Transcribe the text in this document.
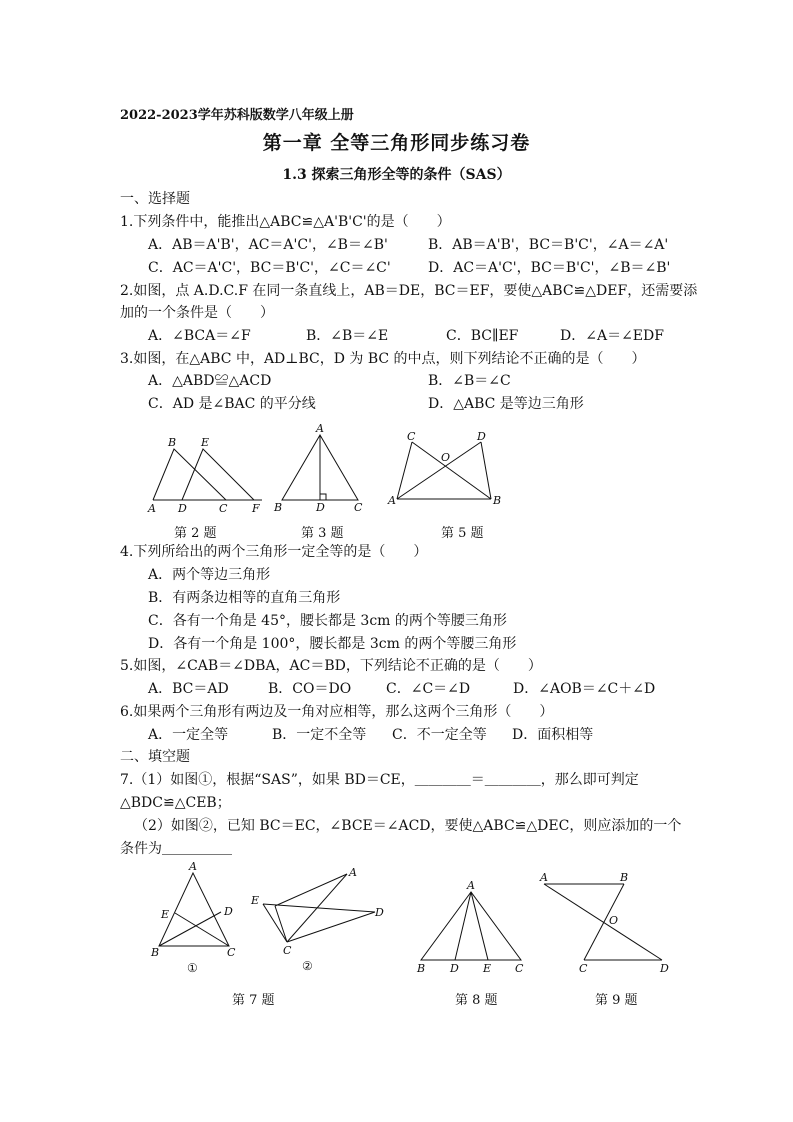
2022-2023学年苏科版数学八年级上册
第一章 全等三角形同步练习卷
1.3 探索三角形全等的条件（SAS）
一、选择题
1.下列条件中，能推出△ABC≌△A'B'C'的是（　　）
A．AB＝A'B'，AC＝A'C'，∠B＝∠B'	B．AB＝A'B'，BC＝B'C'，∠A＝∠A'
C．AC＝A'C'，BC＝B'C'，∠C＝∠C'	D．AC＝A'C'，BC＝B'C'，∠B＝∠B'
2.如图，点 A.D.C.F 在同一条直线上，AB＝DE，BC＝EF，要使△ABC≌△DEF，还需要添
加的一个条件是（　　）
A．∠BCA＝∠F	B．∠B＝∠E	C．BC∥EF	D．∠A＝∠EDF
3.如图，在△ABC 中，AD⊥BC，D 为 BC 的中点，则下列结论不正确的是（　　）
A．△ABD≌△ACD	B．∠B＝∠C
C．AD 是∠BAC 的平分线	D．△ABC 是等边三角形
B E
A D	C F
第 2 题
A
B	D	C
第 3 题
C	D
O
A	B
第 5 题
4.下列所给出的两个三角形一定全等的是（　　）
A．两个等边三角形
B．有两条边相等的直角三角形
C．各有一个角是 45°，腰长都是 3cm 的两个等腰三角形
D．各有一个角是 100°，腰长都是 3cm 的两个等腰三角形
5.如图，∠CAB＝∠DBA，AC＝BD，下列结论不正确的是（　　）
A．BC＝AD	B．CO＝DO C．∠C＝∠D	D．∠AOB＝∠C＋∠D
6.如果两个三角形有两边及一角对应相等，那么这两个三角形（　　）
A．一定全等	B．一定不全等 C．不一定全等 D．面积相等
二、填空题
7.（1）如图①，根据“SAS”，如果 BD＝CE，＿＿＿＿＝＿＿＿＿，那么即可判定
△BDC≌△CEB；
（2）如图②，已知 BC＝EC，∠BCE＝∠ACD，要使△ABC≌△DEC，则应添加的一个
条件为＿＿＿＿＿
A
E	D
B	C
①
A
E
D
C
②
第 7 题
A
B D E C
第 8 题
A	B
O
C	D
第 9 题
